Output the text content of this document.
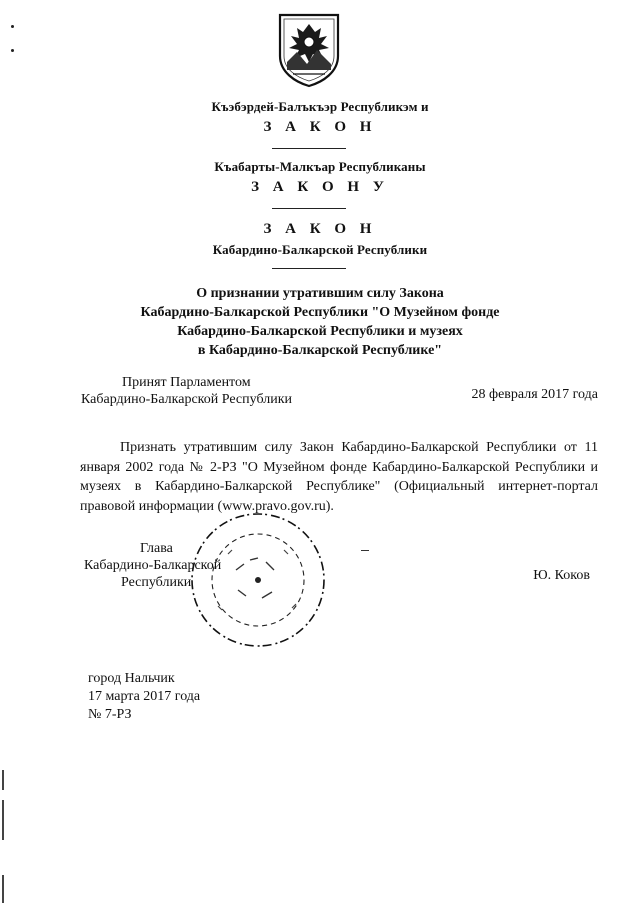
Къэбэрдей-Балъкъэр Республикэм и
З А К О Н
Къабарты-Малкъар Республиканы
З А К О Н У
З А К О Н
Кабардино-Балкарской Республики
О признании утратившим силу Закона
Кабардино-Балкарской Республики "О Музейном фонде
Кабардино-Балкарской Республики и музеях
в Кабардино-Балкарской Республике"
Принят Парламентом
Кабардино-Балкарской Республики	28 февраля 2017 года
Признать утратившим силу Закон Кабардино-Балкарской Республики от 11 января 2002 года № 2-РЗ "О Музейном фонде Кабардино-Балкарской Республики и музеях в Кабардино-Балкарской Республике" (Официальный интернет-портал правовой информации (www.pravo.gov.ru).
Глава
Кабардино-Балкарской
Республики	Ю. Коков
город Нальчик
17 марта 2017 года
№ 7-РЗ
